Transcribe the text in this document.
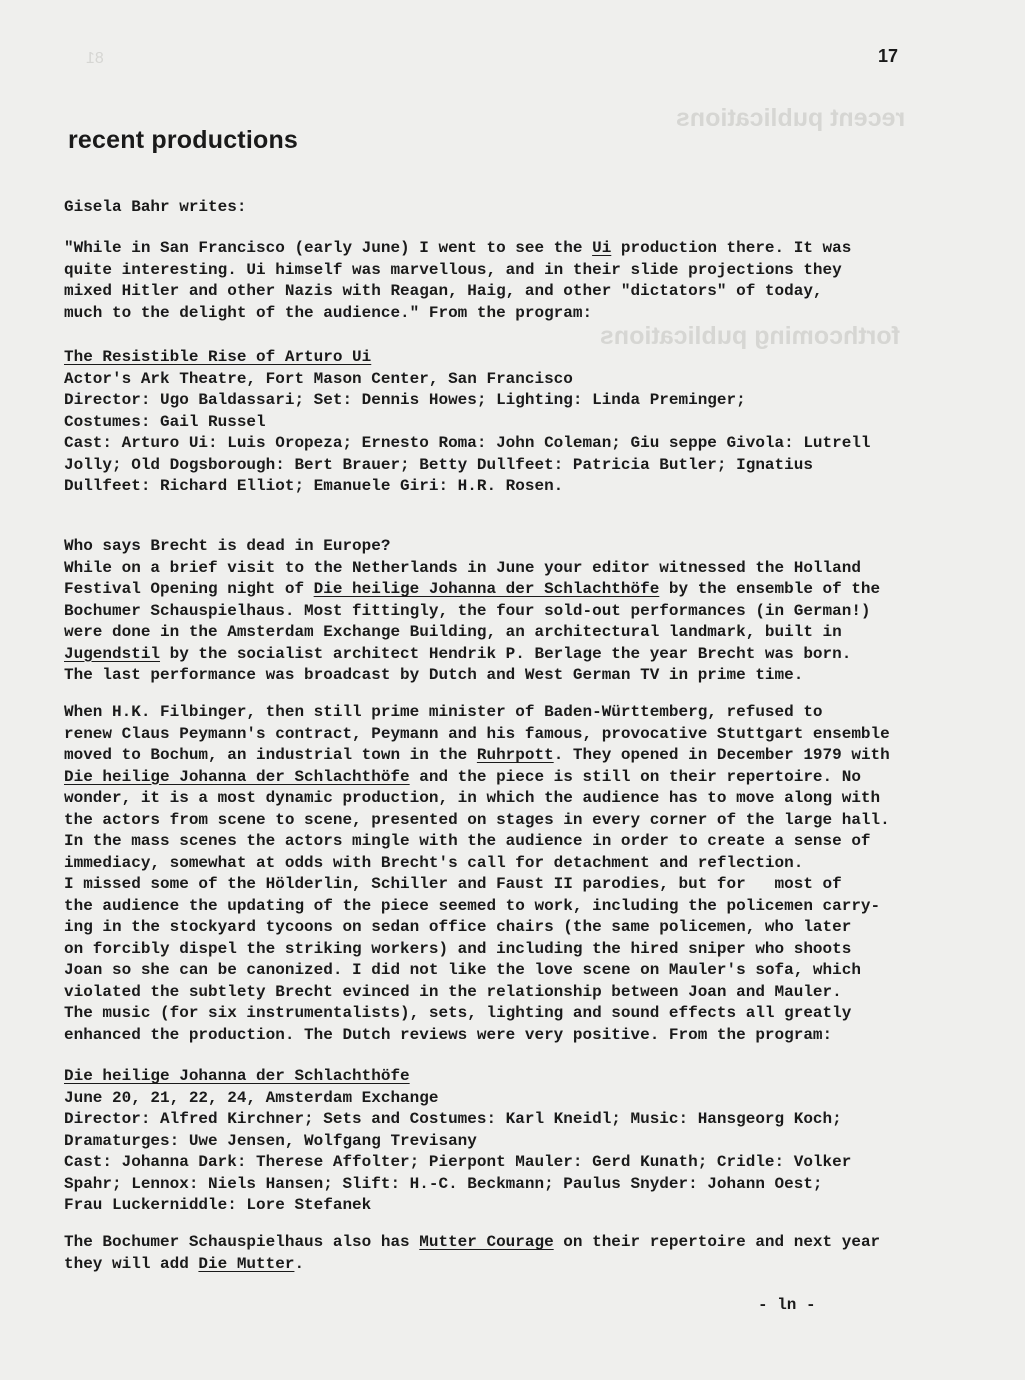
recent publications
forthcoming publications
81	17
recent productions
Gisela Bahr writes:
"While in San Francisco (early June) I went to see the Ui production there. It was
quite interesting. Ui himself was marvellous, and in their slide projections they
mixed Hitler and other Nazis with Reagan, Haig, and other "dictators" of today,
much to the delight of the audience." From the program:
The Resistible Rise of Arturo Ui
Actor's Ark Theatre, Fort Mason Center, San Francisco
Director: Ugo Baldassari; Set: Dennis Howes; Lighting: Linda Preminger;
Costumes: Gail Russel
Cast: Arturo Ui: Luis Oropeza; Ernesto Roma: John Coleman; Giu seppe Givola: Lutrell
Jolly; Old Dogsborough: Bert Brauer; Betty Dullfeet: Patricia Butler; Ignatius
Dullfeet: Richard Elliot; Emanuele Giri: H.R. Rosen.
Who says Brecht is dead in Europe?
While on a brief visit to the Netherlands in June your editor witnessed the Holland
Festival Opening night of Die heilige Johanna der Schlachthöfe by the ensemble of the
Bochumer Schauspielhaus. Most fittingly, the four sold-out performances (in German!)
were done in the Amsterdam Exchange Building, an architectural landmark, built in
Jugendstil by the socialist architect Hendrik P. Berlage the year Brecht was born.
The last performance was broadcast by Dutch and West German TV in prime time.
When H.K. Filbinger, then still prime minister of Baden-Württemberg, refused to
renew Claus Peymann's contract, Peymann and his famous, provocative Stuttgart ensemble
moved to Bochum, an industrial town in the Ruhrpott. They opened in December 1979 with
Die heilige Johanna der Schlachthöfe and the piece is still on their repertoire. No
wonder, it is a most dynamic production, in which the audience has to move along with
the actors from scene to scene, presented on stages in every corner of the large hall.
In the mass scenes the actors mingle with the audience in order to create a sense of
immediacy, somewhat at odds with Brecht's call for detachment and reflection.
I missed some of the Hölderlin, Schiller and Faust II parodies, but for   most of
the audience the updating of the piece seemed to work, including the policemen carry-
ing in the stockyard tycoons on sedan office chairs (the same policemen, who later
on forcibly dispel the striking workers) and including the hired sniper who shoots
Joan so she can be canonized. I did not like the love scene on Mauler's sofa, which
violated the subtlety Brecht evinced in the relationship between Joan and Mauler.
The music (for six instrumentalists), sets, lighting and sound effects all greatly
enhanced the production. The Dutch reviews were very positive. From the program:
Die heilige Johanna der Schlachthöfe
June 20, 21, 22, 24, Amsterdam Exchange
Director: Alfred Kirchner; Sets and Costumes: Karl Kneidl; Music: Hansgeorg Koch;
Dramaturges: Uwe Jensen, Wolfgang Trevisany
Cast: Johanna Dark: Therese Affolter; Pierpont Mauler: Gerd Kunath; Cridle: Volker
Spahr; Lennox: Niels Hansen; Slift: H.-C. Beckmann; Paulus Snyder: Johann Oest;
Frau Luckerniddle: Lore Stefanek
The Bochumer Schauspielhaus also has Mutter Courage on their repertoire and next year
they will add Die Mutter.
- ln -
